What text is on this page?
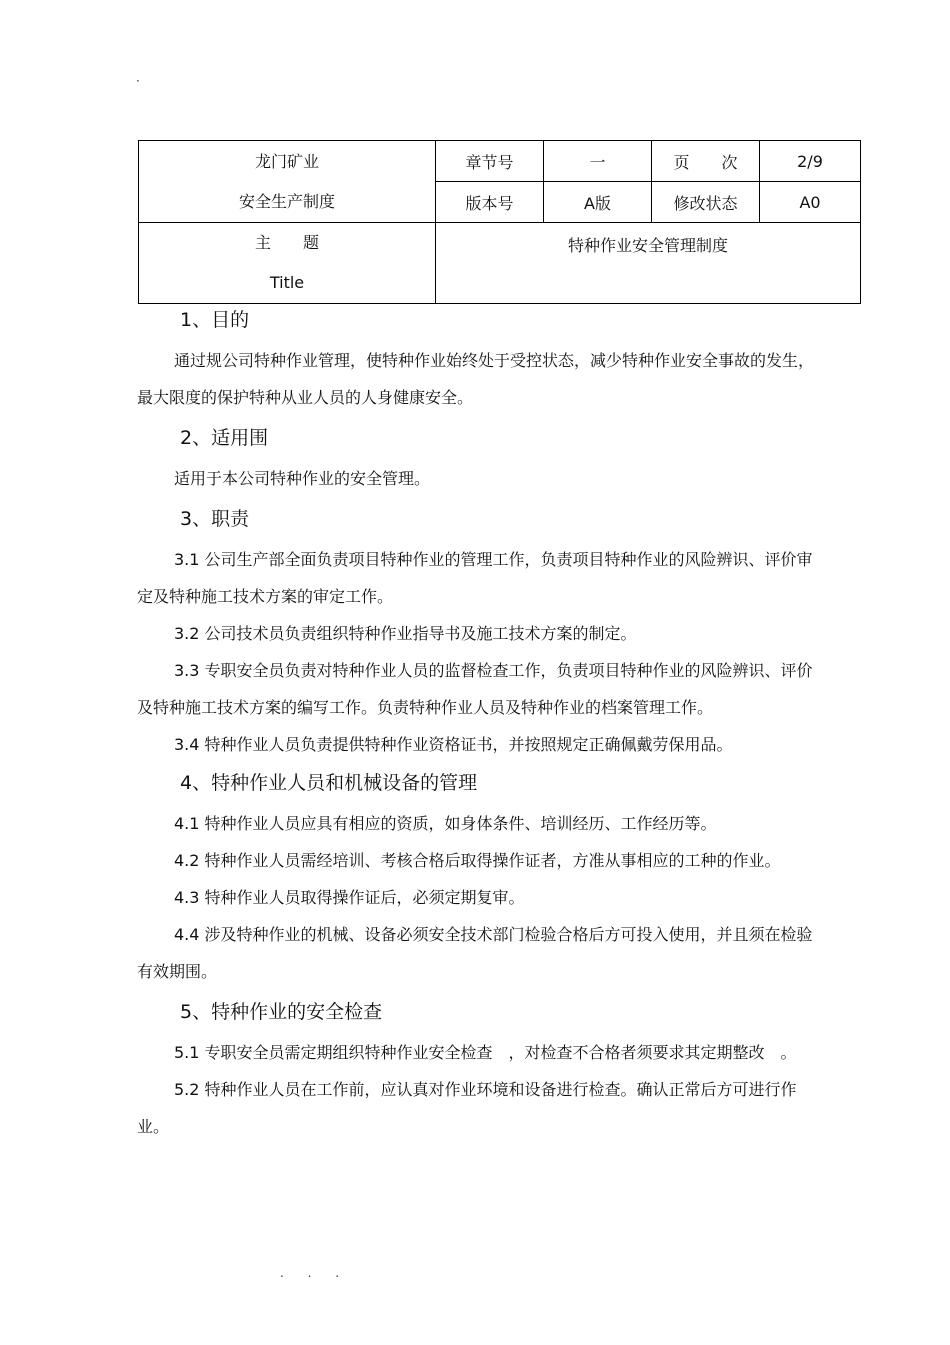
·
龙门矿业
安全生产制度	章节号	一	页　　次	2/9
	版本号	A版	修改状态	A0

主　　题
Title	特种作业安全管理制度			
1、目的

通过规公司特种作业管理，使特种作业始终处于受控状态，减少特种作业安全事故的发生，最大限度的保护特种从业人员的人身健康安全。

2、适用围

适用于本公司特种作业的安全管理。

3、职责

3.1 公司生产部全面负责项目特种作业的管理工作，负责项目特种作业的风险辨识、评价审定及特种施工技术方案的审定工作。

3.2 公司技术员负责组织特种作业指导书及施工技术方案的制定。

3.3 专职安全员负责对特种作业人员的监督检查工作，负责项目特种作业的风险辨识、评价及特种施工技术方案的编写工作。负责特种作业人员及特种作业的档案管理工作。

3.4 特种作业人员负责提供特种作业资格证书，并按照规定正确佩戴劳保用品。

4、特种作业人员和机械设备的管理

4.1 特种作业人员应具有相应的资质，如身体条件、培训经历、工作经历等。

4.2 特种作业人员需经培训、考核合格后取得操作证者，方准从事相应的工种的作业。

4.3 特种作业人员取得操作证后，必须定期复审。

4.4 涉及特种作业的机械、设备必须安全技术部门检验合格后方可投入使用，并且须在检验有效期围。

5、特种作业的安全检查

5.1 专职安全员需定期组织特种作业安全检查　，对检查不合格者须要求其定期整改　。

5.2 特种作业人员在工作前，应认真对作业环境和设备进行检查。确认正常后方可进行作业。

. . .
